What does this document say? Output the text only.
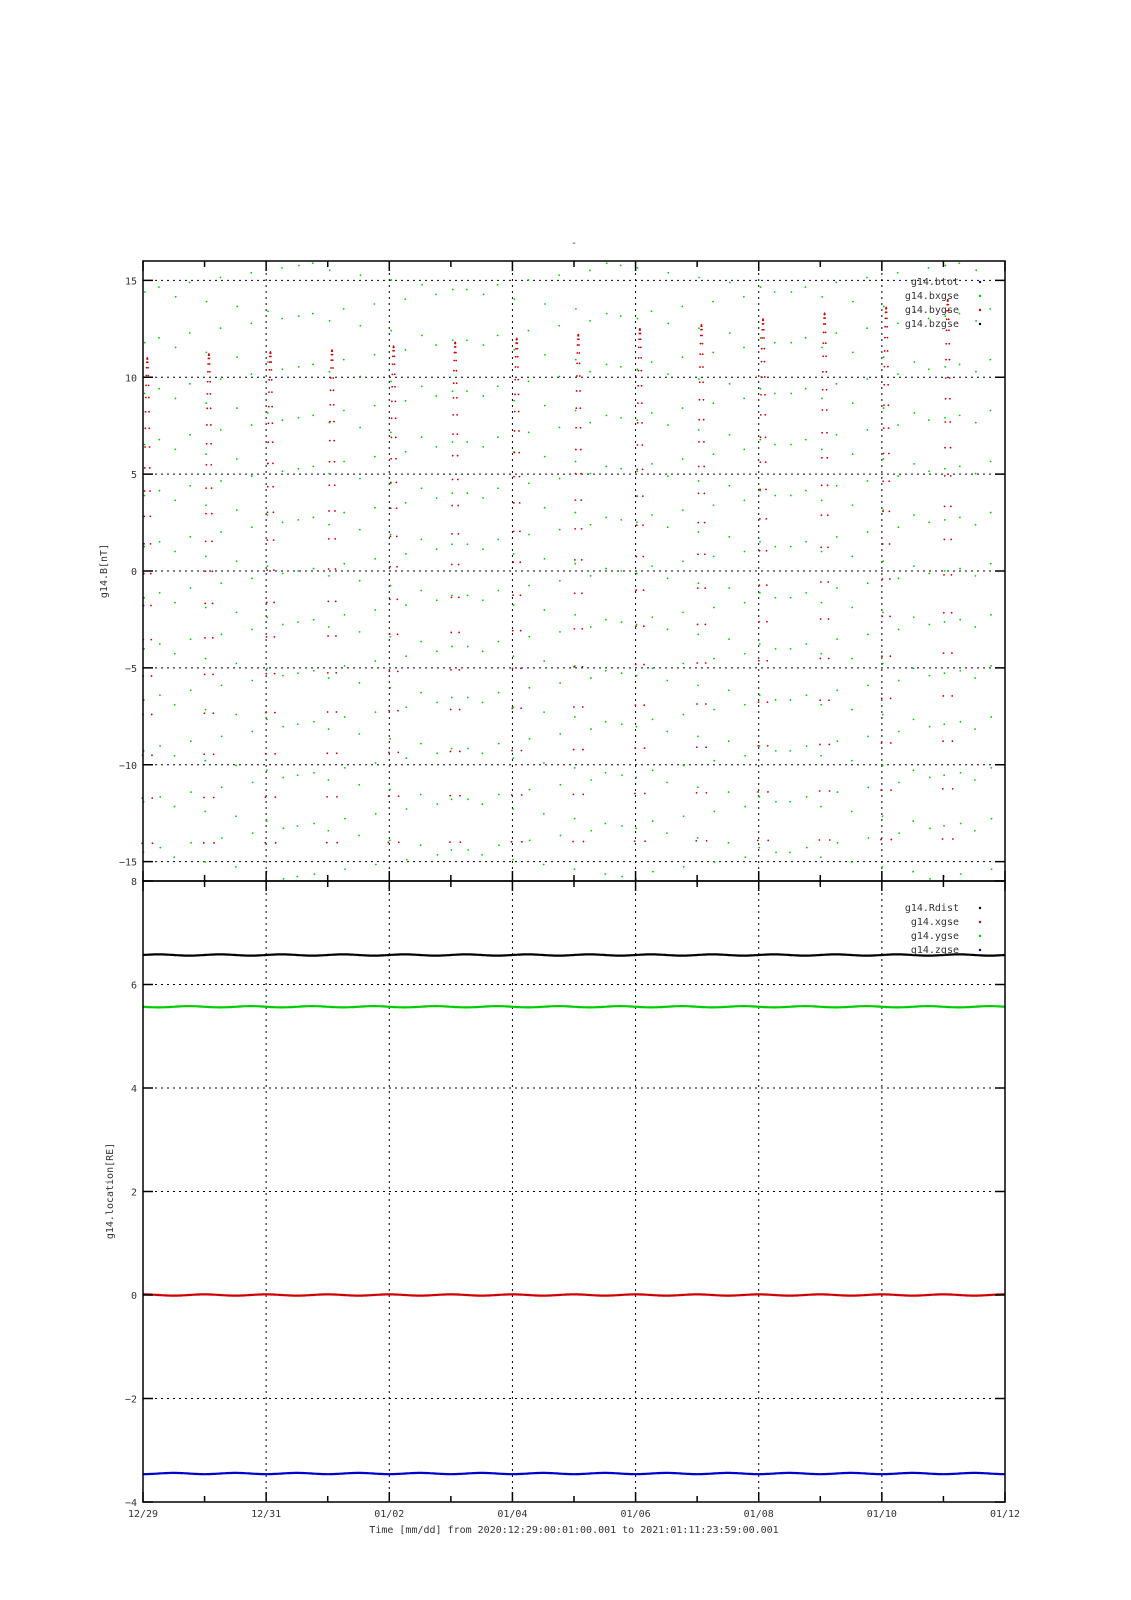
-
−15
−10
−5
0
5
10
15
g14.B[nT]
g14.btot
g14.bxgse
g14.bygse
g14.bzgse
−4
−2
0
2
4
6
8
g14.location[RE]
g14.Rdist
g14.xgse
g14.ygse
g14.zgse
12/29	12/31	01/02	01/04	01/06	01/08	01/10	01/12
Time [mm/dd] from 2020:12:29:00:01:00.001 to 2021:01:11:23:59:00.001
